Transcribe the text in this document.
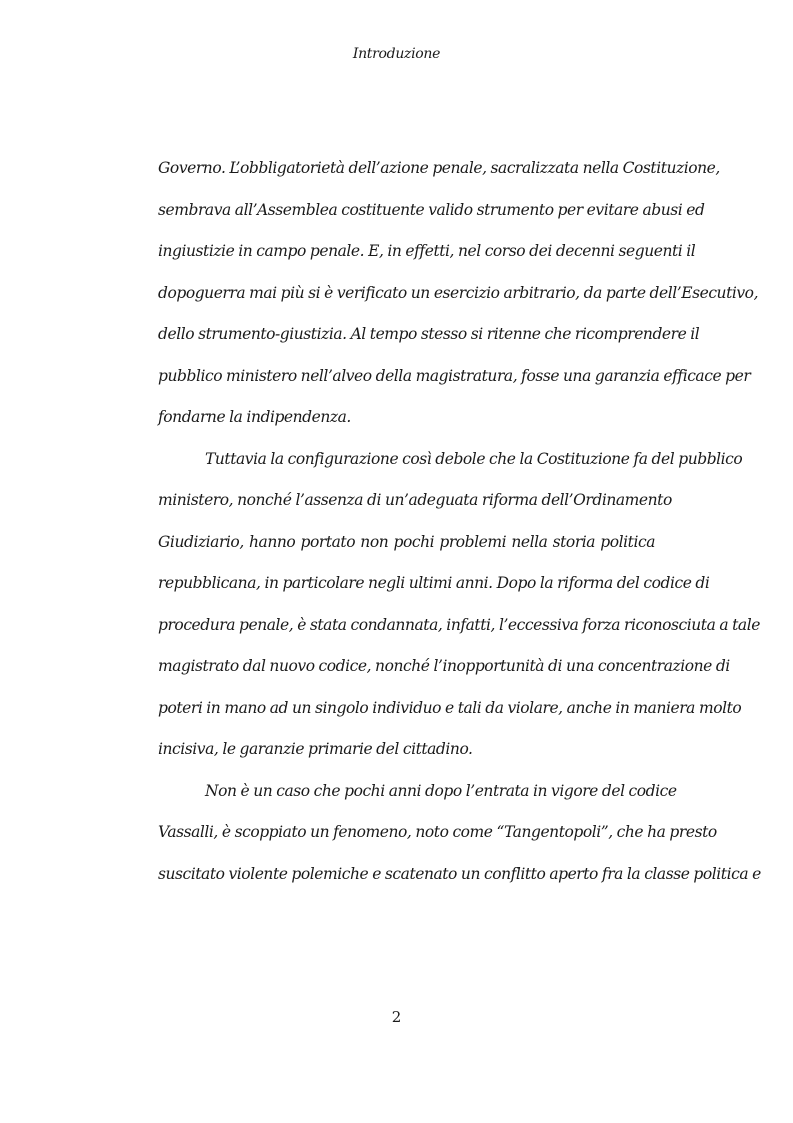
Introduzione
Governo. L’obbligatorietà dell’azione penale, sacralizzata nella Costituzione,
sembrava all’Assemblea costituente valido strumento per evitare abusi ed
ingiustizie in campo penale. E, in effetti, nel corso dei decenni seguenti il
dopoguerra mai più si è verificato un esercizio arbitrario, da parte dell’Esecutivo,
dello strumento-giustizia. Al tempo stesso si ritenne che ricomprendere il
pubblico ministero nell’alveo della magistratura, fosse una garanzia efficace per
fondarne la indipendenza.
Tuttavia la configurazione così debole che la Costituzione fa del pubblico
ministero, nonché l’assenza di un’adeguata riforma dell’Ordinamento
Giudiziario, hanno portato non pochi problemi nella storia politica
repubblicana, in particolare negli ultimi anni. Dopo la riforma del codice di
procedura penale, è stata condannata, infatti, l’eccessiva forza riconosciuta a tale
magistrato dal nuovo codice, nonché l’inopportunità di una concentrazione di
poteri in mano ad un singolo individuo e tali da violare, anche in maniera molto
incisiva, le garanzie primarie del cittadino.
Non è un caso che pochi anni dopo l’entrata in vigore del codice
Vassalli, è scoppiato un fenomeno, noto come “Tangentopoli”, che ha presto
suscitato violente polemiche e scatenato un conflitto aperto fra la classe politica e
2
